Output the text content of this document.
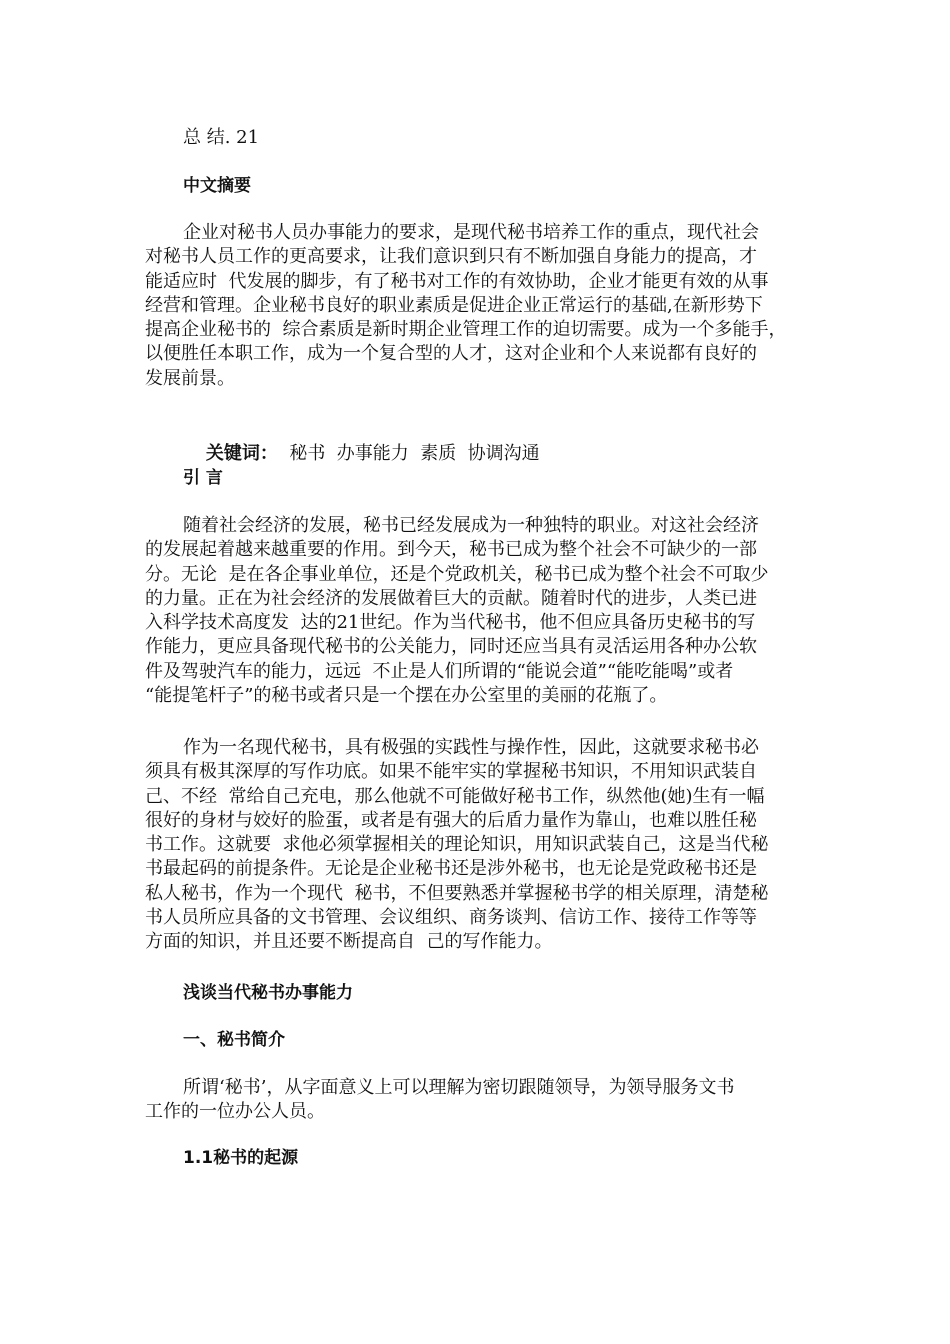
总 结. 21

中文摘要

企业对秘书人员办事能力的要求，是现代秘书培养工作的重点，现代社会
对秘书人员工作的更高要求，让我们意识到只有不断加强自身能力的提高，才
能适应时  代发展的脚步，有了秘书对工作的有效协助，企业才能更有效的从事
经营和管理。企业秘书良好的职业素质是促进企业正常运行的基础,在新形势下
提高企业秘书的  综合素质是新时期企业管理工作的迫切需要。成为一个多能手，
以便胜任本职工作，成为一个复合型的人才，这对企业和个人来说都有良好的
发展前景。

关键词：  秘书  办事能力  素质  协调沟通

引 言

随着社会经济的发展，秘书已经发展成为一种独特的职业。对这社会经济
的发展起着越来越重要的作用。到今天，秘书已成为整个社会不可缺少的一部
分。无论  是在各企事业单位，还是个党政机关，秘书已成为整个社会不可取少
的力量。正在为社会经济的发展做着巨大的贡献。随着时代的进步，人类已进
入科学技术高度发  达的21世纪。作为当代秘书，他不但应具备历史秘书的写
作能力，更应具备现代秘书的公关能力，同时还应当具有灵活运用各种办公软
件及驾驶汽车的能力，远远  不止是人们所谓的“能说会道”“能吃能喝”或者
“能提笔杆子”的秘书或者只是一个摆在办公室里的美丽的花瓶了。
作为一名现代秘书，具有极强的实践性与操作性，因此，这就要求秘书必
须具有极其深厚的写作功底。如果不能牢实的掌握秘书知识，不用知识武装自
己、不经  常给自己充电，那么他就不可能做好秘书工作，纵然他(她)生有一幅
很好的身材与姣好的脸蛋，或者是有强大的后盾力量作为靠山，也难以胜任秘
书工作。这就要  求他必须掌握相关的理论知识，用知识武装自己，这是当代秘
书最起码的前提条件。无论是企业秘书还是涉外秘书，也无论是党政秘书还是
私人秘书，作为一个现代  秘书，不但要熟悉并掌握秘书学的相关原理，清楚秘
书人员所应具备的文书管理、会议组织、商务谈判、信访工作、接待工作等等
方面的知识，并且还要不断提高自  己的写作能力。

浅谈当代秘书办事能力

一、秘书简介

所谓‘秘书’，从字面意义上可以理解为密切跟随领导，为领导服务文书
工作的一位办公人员。

1.1秘书的起源
